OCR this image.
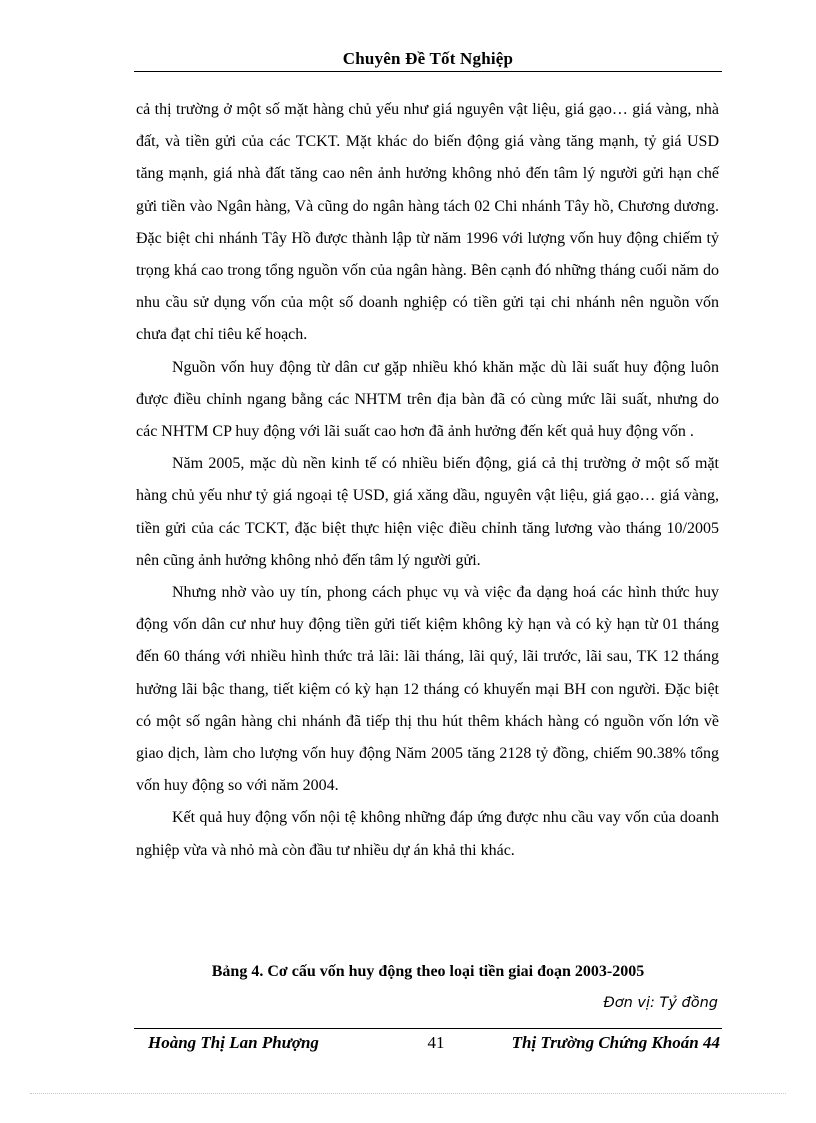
Chuyên Đề Tốt Nghiệp

cả thị trường ở một số mặt hàng chủ yếu như giá nguyên vật liệu, giá gạo… giá vàng, nhà đất, và tiền gửi của các TCKT. Mặt khác do biến động giá vàng tăng mạnh, tỷ giá USD tăng mạnh, giá nhà đất tăng cao nên ảnh hưởng không nhỏ đến tâm lý người gửi hạn chế gửi tiền vào Ngân hàng, Và cũng do ngân hàng tách 02 Chi nhánh Tây hồ, Chương dương. Đặc biệt chi nhánh Tây Hồ được thành lập từ năm 1996 với lượng vốn huy động chiếm tỷ trọng khá cao trong tổng nguồn vốn của ngân hàng. Bên cạnh đó những tháng cuối năm do nhu cầu sử dụng vốn của một số doanh nghiệp có tiền gửi tại chi nhánh nên nguồn vốn chưa đạt chỉ tiêu kế hoạch.

Nguồn vốn huy động từ dân cư gặp nhiều khó khăn mặc dù lãi suất huy động luôn được điều chỉnh ngang bằng các NHTM trên địa bàn đã có cùng mức lãi suất, nhưng do các NHTM CP huy động với lãi suất cao hơn đã ảnh hưởng đến kết quả huy động vốn .

Năm 2005, mặc dù nền kinh tế có nhiều biến động, giá cả thị trường ở một số mặt hàng chủ yếu như tỷ giá ngoại tệ USD, giá xăng dầu, nguyên vật liệu, giá gạo… giá vàng, tiền gửi của các TCKT, đặc biệt thực hiện việc điều chỉnh tăng lương vào tháng 10/2005 nên cũng ảnh hưởng không nhỏ đến tâm lý người gửi.

Nhưng nhờ vào uy tín, phong cách phục vụ và việc đa dạng hoá các hình thức huy động vốn dân cư như huy động tiền gửi tiết kiệm không kỳ hạn và có kỳ hạn từ 01 tháng đến 60 tháng với nhiều hình thức trả lãi: lãi tháng, lãi quý, lãi trước, lãi sau, TK 12 tháng hưởng lãi bậc thang, tiết kiệm có kỳ hạn 12 tháng có khuyến mại BH con người. Đặc biệt có một số ngân hàng chi nhánh đã tiếp thị thu hút thêm khách hàng có nguồn vốn lớn về giao dịch, làm cho lượng vốn huy động Năm 2005 tăng 2128 tỷ đồng, chiếm 90.38% tổng vốn huy động so với năm 2004.

Kết quả huy động vốn nội tệ không những đáp ứng được nhu cầu vay vốn của doanh nghiệp vừa và nhỏ mà còn đầu tư nhiều dự án khả thi khác.

Bảng 4. Cơ cấu vốn huy động theo loại tiền giai đoạn 2003-2005
Đơn vị: Tỷ đồng
Hoàng Thị Lan Phượng	41	Thị Trường Chứng Khoán 44
